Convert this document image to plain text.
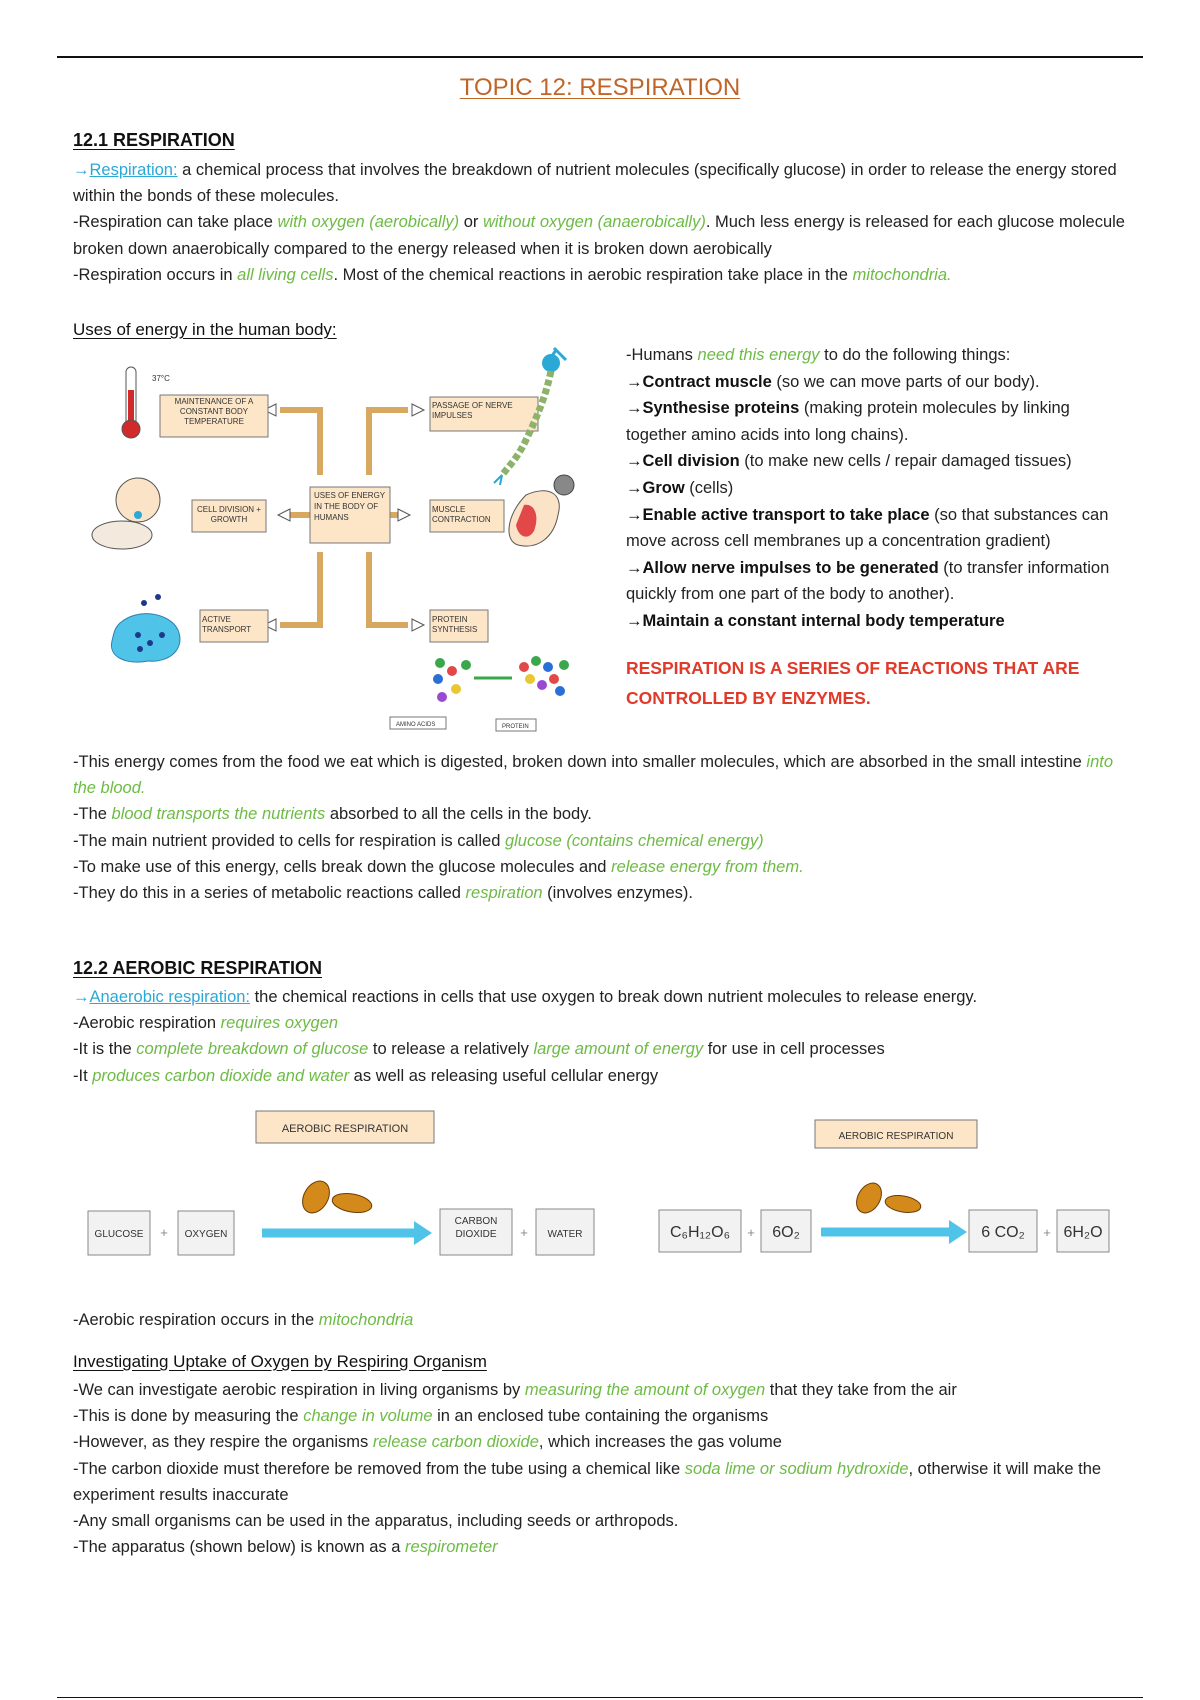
TOPIC 12: RESPIRATION
12.1 RESPIRATION
→Respiration: a chemical process that involves the breakdown of nutrient molecules (specifically glucose) in order to release the energy stored within the bonds of these molecules.
-Respiration can take place with oxygen (aerobically) or without oxygen (anaerobically). Much less energy is released for each glucose molecule broken down anaerobically compared to the energy released when it is broken down aerobically
-Respiration occurs in all living cells. Most of the chemical reactions in aerobic respiration take place in the mitochondria.
Uses of energy in the human body:
MAINTENANCE OF A CONSTANT BODY TEMPERATURE
PASSAGE OF NERVE IMPULSES
CELL DIVISION + GROWTH
USES OF ENERGY IN THE BODY OF HUMANS
MUSCLE CONTRACTION
ACTIVE TRANSPORT
PROTEIN SYNTHESIS
37°C
AMINO ACIDS	PROTEIN
-Humans need this energy to do the following things:
→Contract muscle (so we can move parts of our body).
→Synthesise proteins (making protein molecules by linking together amino acids into long chains).
→Cell division (to make new cells / repair damaged tissues)
→Grow (cells)
→Enable active transport to take place (so that substances can move across cell membranes up a concentration gradient)
→Allow nerve impulses to be generated (to transfer information quickly from one part of the body to another).
→Maintain a constant internal body temperature
RESPIRATION IS A SERIES OF REACTIONS THAT ARE CONTROLLED BY ENZYMES.
-This energy comes from the food we eat which is digested, broken down into smaller molecules, which are absorbed in the small intestine into the blood.
-The blood transports the nutrients absorbed to all the cells in the body.
-The main nutrient provided to cells for respiration is called glucose (contains chemical energy)
-To make use of this energy, cells break down the glucose molecules and release energy from them.
-They do this in a series of metabolic reactions called respiration (involves enzymes).
12.2 AEROBIC RESPIRATION
→Anaerobic respiration: the chemical reactions in cells that use oxygen to break down nutrient molecules to release energy.
-Aerobic respiration requires oxygen
-It is the complete breakdown of glucose to release a relatively large amount of energy for use in cell processes
-It produces carbon dioxide and water as well as releasing useful cellular energy
AEROBIC RESPIRATION
GLUCOSE + OXYGEN
CARBON DIOXIDE	+ WATER
AEROBIC RESPIRATION
C₆H₁₂O₆ + 6O₂	6 CO₂ + 6H₂O
-Aerobic respiration occurs in the mitochondria
Investigating Uptake of Oxygen by Respiring Organism
-We can investigate aerobic respiration in living organisms by measuring the amount of oxygen that they take from the air
-This is done by measuring the change in volume in an enclosed tube containing the organisms
-However, as they respire the organisms release carbon dioxide, which increases the gas volume
-The carbon dioxide must therefore be removed from the tube using a chemical like soda lime or sodium hydroxide, otherwise it will make the experiment results inaccurate
-Any small organisms can be used in the apparatus, including seeds or arthropods.
-The apparatus (shown below) is known as a respirometer
